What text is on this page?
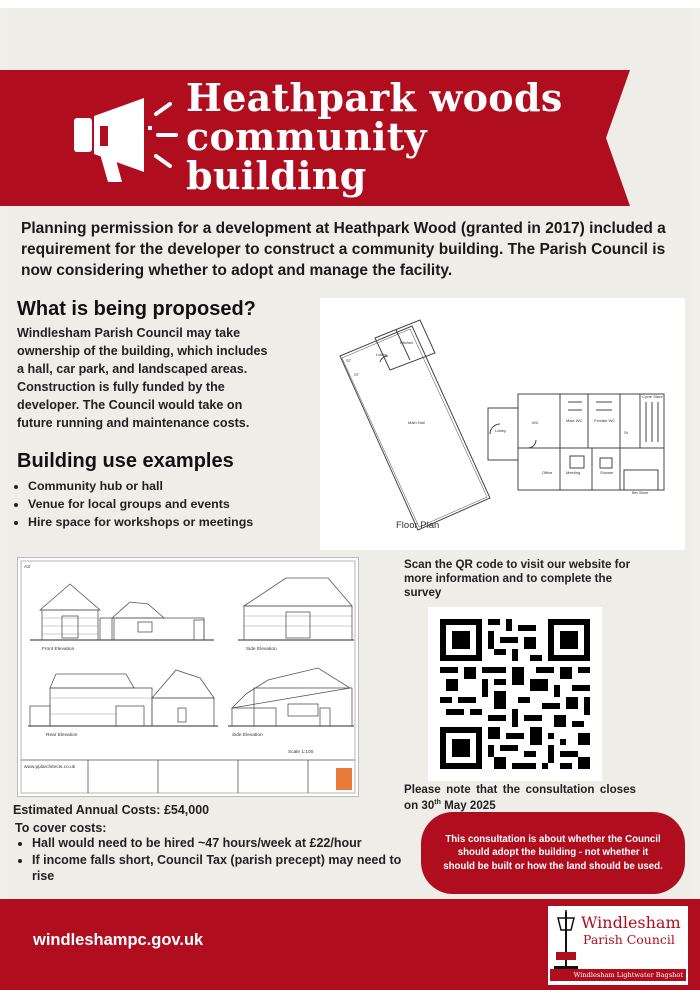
Heathpark woods
community
building
Planning permission for a development at Heathpark Wood (granted in 2017) included a requirement for the developer to construct a community building. The Parish Council is now considering whether to adopt and manage the facility.
What is being proposed?
Windlesham Parish Council may take ownership of the building, which includes a hall, car park, and landscaped areas. Construction is fully funded by the developer. The Council would take on future running and maintenance costs.
Building use examples
• Community hub or hall
• Venue for local groups and events
• Hire space for workshops or meetings
Kitchen
Lobby
ST
ST
Main Hall
Lobby
WC	Male WC	Female WC
St
Cycle Store
Office	Meeting	Shower
Bin Store
Floor Plan
A3
Front Elevation	Side Elevation
Rear Elevation	Side Elevation
Scale 1:100
www.pplarchitects.co.uk
Scan the QR code to visit our website for more information and to complete the survey
Please note that the consultation closes on 30th May 2025
This consultation is about whether the Council should adopt the building - not whether it should be built or how the land should be used.
Estimated Annual Costs: £54,000
To cover costs:
• Hall would need to be hired ~47 hours/week at £22/hour
• If income falls short, Council Tax (parish precept) may need to rise
windleshampc.gov.uk
Windlesham
Parish Council
Windlesham Lightwater Bagshot
